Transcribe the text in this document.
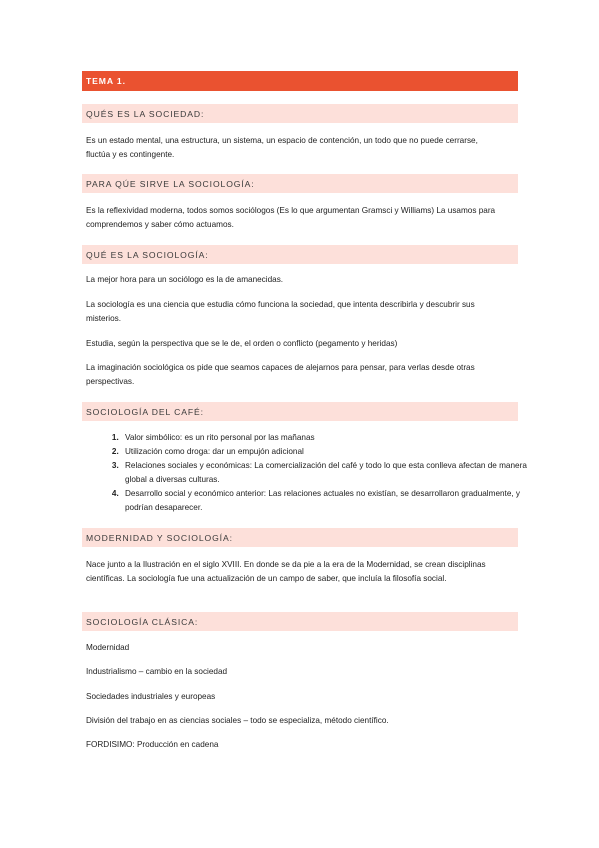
TEMA 1.
QUÉS ES LA SOCIEDAD:
Es un estado mental, una estructura, un sistema, un espacio de contención, un todo que no puede cerrarse, fluctúa y es contingente.
PARA QÚE SIRVE LA SOCIOLOGÍA:
Es la reflexividad moderna, todos somos sociólogos (Es lo que argumentan Gramsci y Williams) La usamos para comprendemos y saber cómo actuamos.
QUÉ ES LA SOCIOLOGÍA:
La mejor hora para un sociólogo es la de amanecidas.
La sociología es una ciencia que estudia cómo funciona la sociedad, que intenta describirla y descubrir sus misterios.
Estudia, según la perspectiva que se le de, el orden o conflicto (pegamento y heridas)
La imaginación sociológica os pide que seamos capaces de alejarnos para pensar, para verlas desde otras perspectivas.
SOCIOLOGÍA DEL CAFÉ:
1. Valor simbólico: es un rito personal por las mañanas
2. Utilización como droga: dar un empujón adicional
3. Relaciones sociales y económicas: La comercialización del café y todo lo que esta conlleva afectan de manera global a diversas culturas.
4. Desarrollo social y económico anterior: Las relaciones actuales no existían, se desarrollaron gradualmente, y podrían desaparecer.
MODERNIDAD Y SOCIOLOGÍA:
Nace junto a la Ilustración en el siglo XVIII. En donde se da pie a la era de la Modernidad, se crean disciplinas científicas. La sociología fue una actualización de un campo de saber, que incluía la filosofía social.
SOCIOLOGÍA CLÁSICA:
Modernidad
Industrialismo – cambio en la sociedad
Sociedades industriales y europeas
División del trabajo en as ciencias sociales – todo se especializa, método científico.
FORDISIMO: Producción en cadena
